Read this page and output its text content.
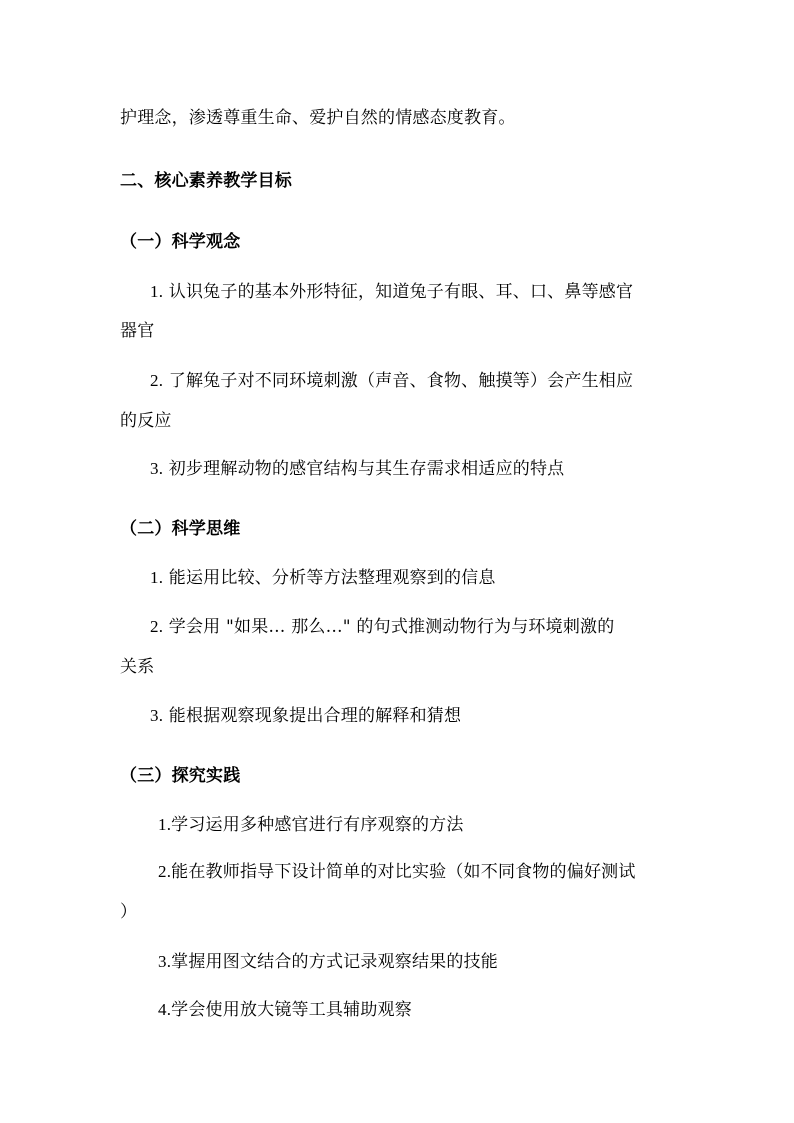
护理念，渗透尊重生命、爱护自然的情感态度教育。
二、核心素养教学目标
（一）科学观念
1. 认识兔子的基本外形特征，知道兔子有眼、耳、口、鼻等感官
器官
2. 了解兔子对不同环境刺激（声音、食物、触摸等）会产生相应
的反应
3. 初步理解动物的感官结构与其生存需求相适应的特点
（二）科学思维
1. 能运用比较、分析等方法整理观察到的信息
2. 学会用 "如果… 那么…" 的句式推测动物行为与环境刺激的
关系
3. 能根据观察现象提出合理的解释和猜想
（三）探究实践
1.学习运用多种感官进行有序观察的方法
2.能在教师指导下设计简单的对比实验（如不同食物的偏好测试
）
3.掌握用图文结合的方式记录观察结果的技能
4.学会使用放大镜等工具辅助观察
